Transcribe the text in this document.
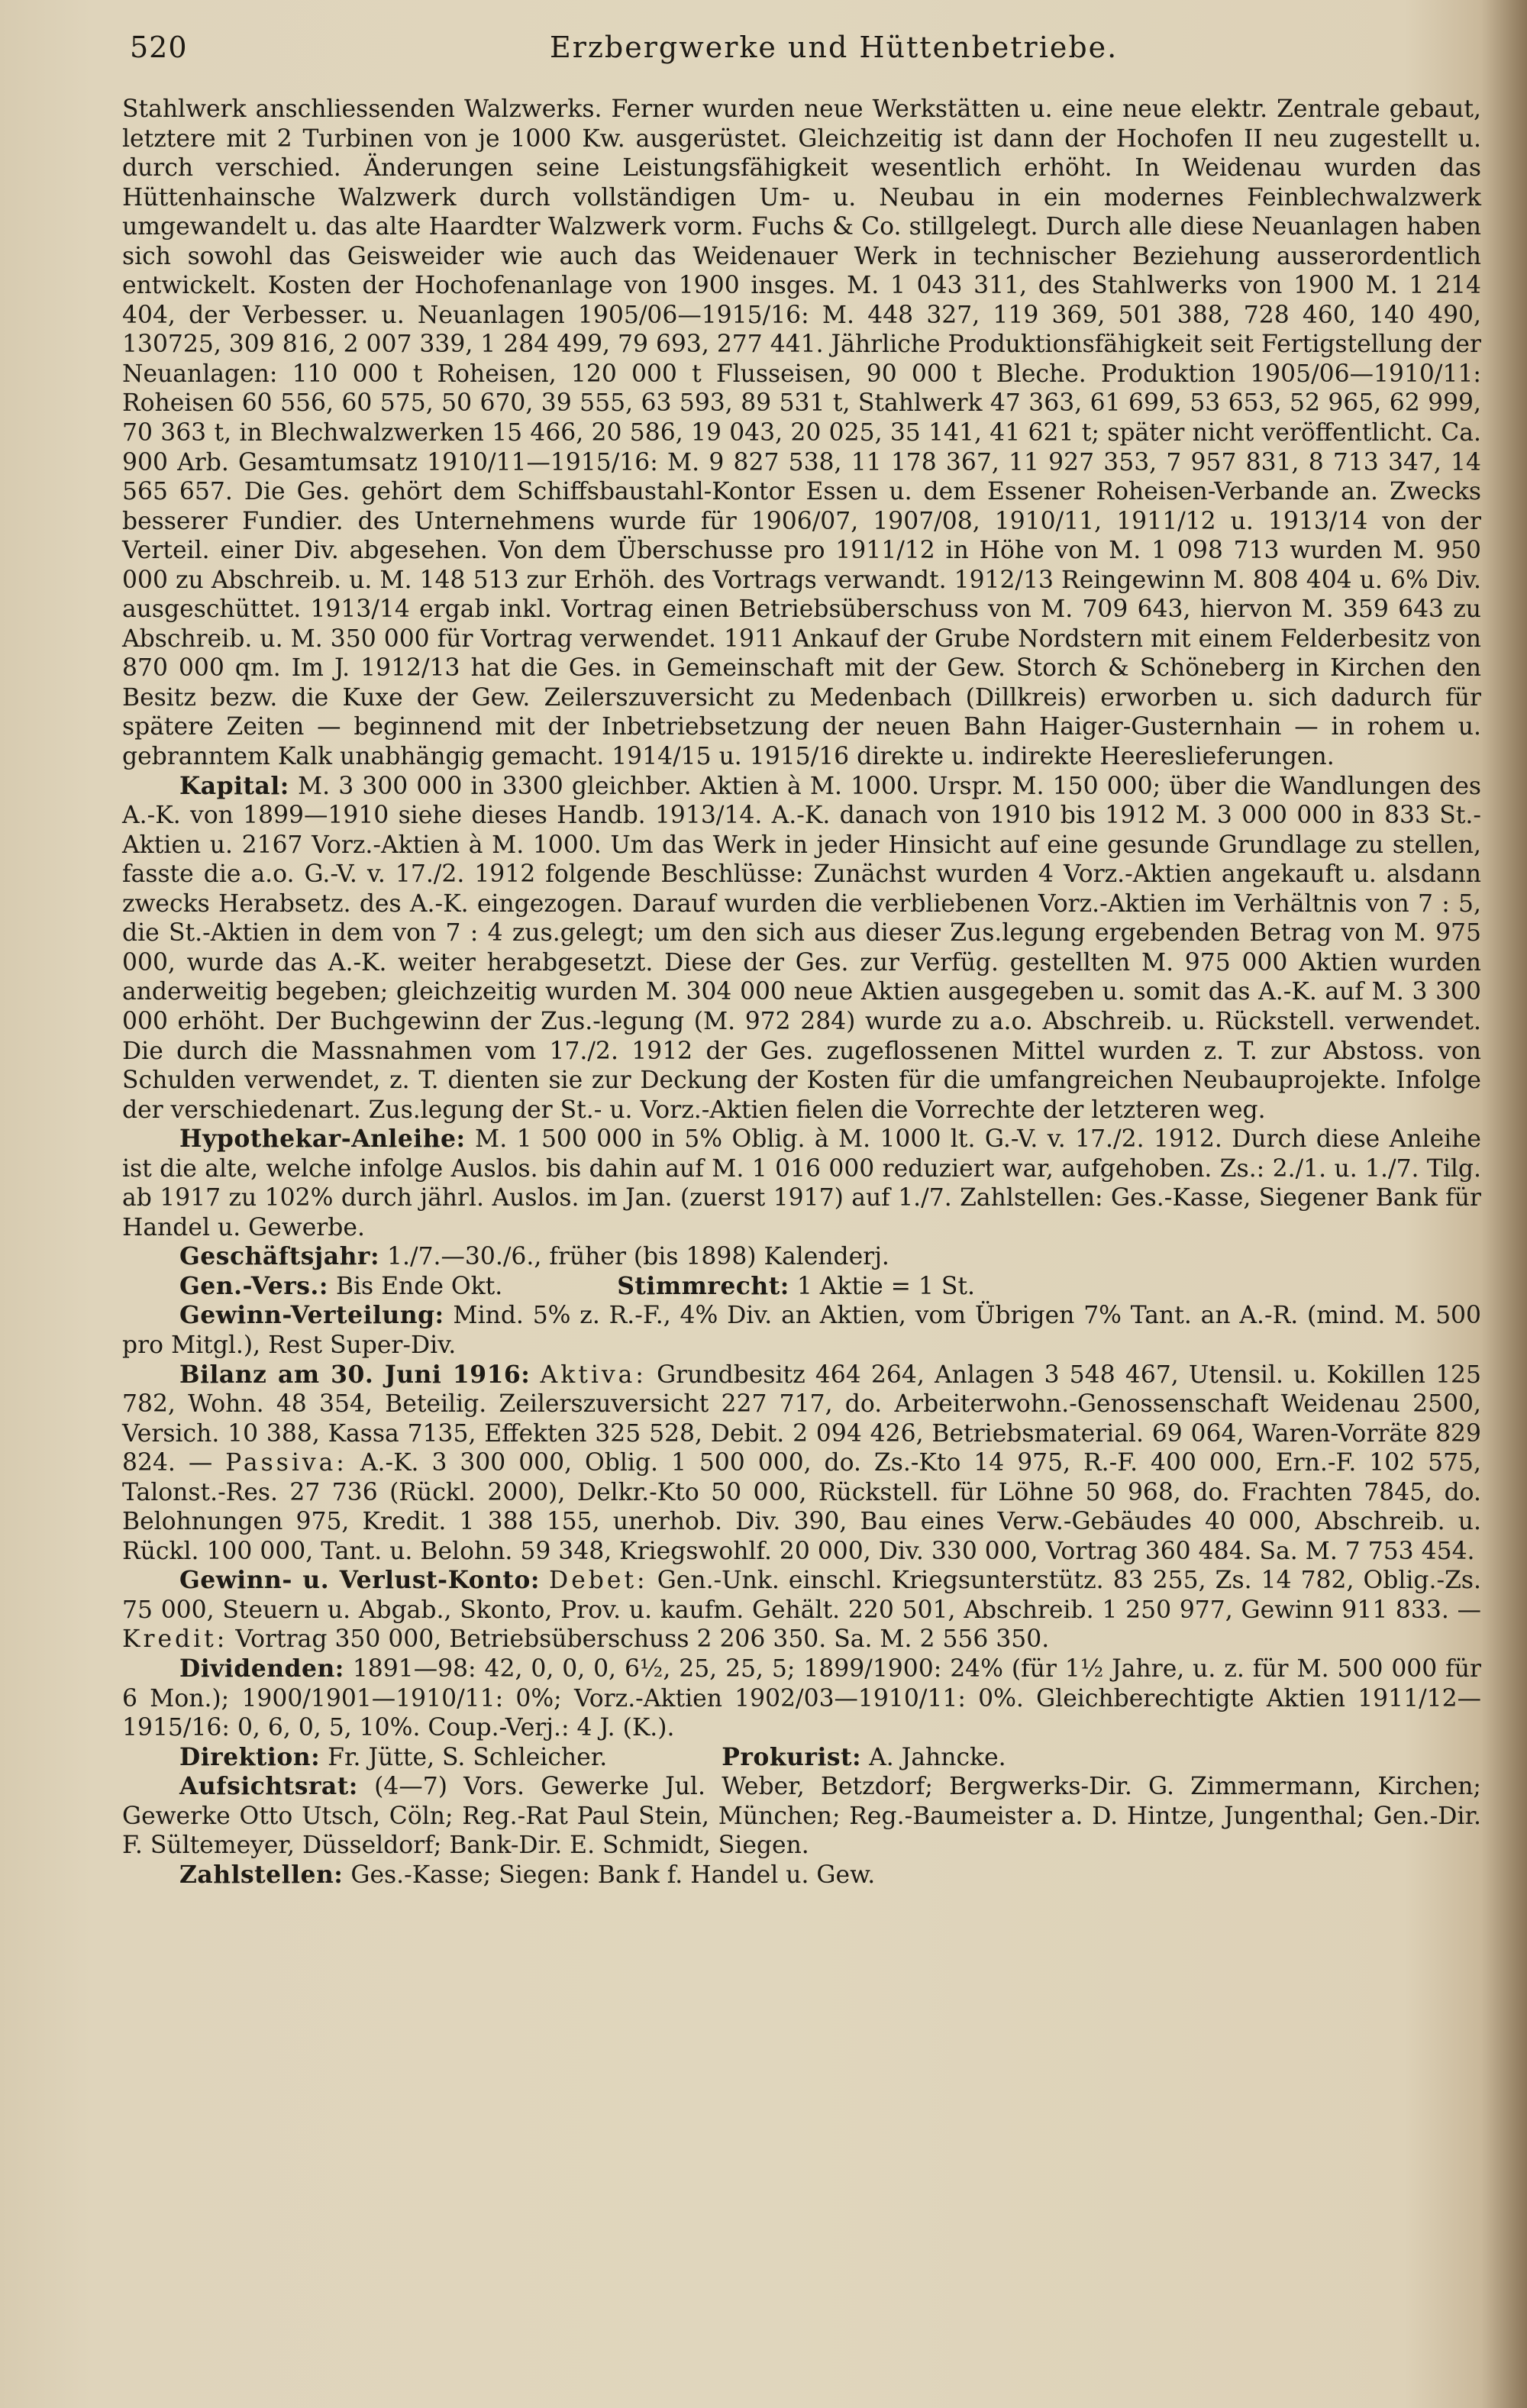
520	Erzbergwerke und Hüttenbetriebe.

Stahlwerk anschliessenden Walzwerks. Ferner wurden neue Werkstätten u. eine neue elektr. Zentrale gebaut, letztere mit 2 Turbinen von je 1000 Kw. ausgerüstet. Gleichzeitig ist dann der Hochofen II neu zugestellt u. durch verschied. Änderungen seine Leistungsfähigkeit wesentlich erhöht. In Weidenau wurden das Hüttenhainsche Walzwerk durch vollständigen Um- u. Neubau in ein modernes Feinblechwalzwerk umgewandelt u. das alte Haardter Walzwerk vorm. Fuchs & Co. stillgelegt. Durch alle diese Neuanlagen haben sich sowohl das Geisweider wie auch das Weidenauer Werk in technischer Beziehung ausserordentlich entwickelt. Kosten der Hochofenanlage von 1900 insges. M. 1 043 311, des Stahlwerks von 1900 M. 1 214 404, der Verbesser. u. Neuanlagen 1905/06—1915/16: M. 448 327, 119 369, 501 388, 728 460, 140 490, 130725, 309 816, 2 007 339, 1 284 499, 79 693, 277 441. Jährliche Produktionsfähigkeit seit Fertigstellung der Neuanlagen: 110 000 t Roheisen, 120 000 t Flusseisen, 90 000 t Bleche. Produktion 1905/06—1910/11: Roheisen 60 556, 60 575, 50 670, 39 555, 63 593, 89 531 t, Stahlwerk 47 363, 61 699, 53 653, 52 965, 62 999, 70 363 t, in Blechwalzwerken 15 466, 20 586, 19 043, 20 025, 35 141, 41 621 t; später nicht veröffentlicht. Ca. 900 Arb. Gesamtumsatz 1910/11—1915/16: M. 9 827 538, 11 178 367, 11 927 353, 7 957 831, 8 713 347, 14 565 657. Die Ges. gehört dem Schiffsbaustahl-Kontor Essen u. dem Essener Roheisen-Verbande an. Zwecks besserer Fundier. des Unternehmens wurde für 1906/07, 1907/08, 1910/11, 1911/12 u. 1913/14 von der Verteil. einer Div. abgesehen. Von dem Überschusse pro 1911/12 in Höhe von M. 1 098 713 wurden M. 950 000 zu Abschreib. u. M. 148 513 zur Erhöh. des Vortrags verwandt. 1912/13 Reingewinn M. 808 404 u. 6% Div. ausgeschüttet. 1913/14 ergab inkl. Vortrag einen Betriebsüberschuss von M. 709 643, hiervon M. 359 643 zu Abschreib. u. M. 350 000 für Vortrag verwendet. 1911 Ankauf der Grube Nordstern mit einem Felderbesitz von 870 000 qm. Im J. 1912/13 hat die Ges. in Gemeinschaft mit der Gew. Storch & Schöneberg in Kirchen den Besitz bezw. die Kuxe der Gew. Zeilerszuversicht zu Medenbach (Dillkreis) erworben u. sich dadurch für spätere Zeiten — beginnend mit der Inbetriebsetzung der neuen Bahn Haiger-Gusternhain — in rohem u. gebranntem Kalk unabhängig gemacht. 1914/15 u. 1915/16 direkte u. indirekte Heereslieferungen.

Kapital: M. 3 300 000 in 3300 gleichber. Aktien à M. 1000. Urspr. M. 150 000; über die Wandlungen des A.-K. von 1899—1910 siehe dieses Handb. 1913/14. A.-K. danach von 1910 bis 1912 M. 3 000 000 in 833 St.-Aktien u. 2167 Vorz.-Aktien à M. 1000. Um das Werk in jeder Hinsicht auf eine gesunde Grundlage zu stellen, fasste die a.o. G.-V. v. 17./2. 1912 folgende Beschlüsse: Zunächst wurden 4 Vorz.-Aktien angekauft u. alsdann zwecks Herabsetz. des A.-K. eingezogen. Darauf wurden die verbliebenen Vorz.-Aktien im Verhältnis von 7 : 5, die St.-Aktien in dem von 7 : 4 zus.gelegt; um den sich aus dieser Zus.legung ergebenden Betrag von M. 975 000, wurde das A.-K. weiter herabgesetzt. Diese der Ges. zur Verfüg. gestellten M. 975 000 Aktien wurden anderweitig begeben; gleichzeitig wurden M. 304 000 neue Aktien ausgegeben u. somit das A.-K. auf M. 3 300 000 erhöht. Der Buchgewinn der Zus.-legung (M. 972 284) wurde zu a.o. Abschreib. u. Rückstell. verwendet. Die durch die Massnahmen vom 17./2. 1912 der Ges. zugeflossenen Mittel wurden z. T. zur Abstoss. von Schulden verwendet, z. T. dienten sie zur Deckung der Kosten für die umfangreichen Neubauprojekte. Infolge der verschiedenart. Zus.legung der St.- u. Vorz.-Aktien fielen die Vorrechte der letzteren weg.

Hypothekar-Anleihe: M. 1 500 000 in 5% Oblig. à M. 1000 lt. G.-V. v. 17./2. 1912. Durch diese Anleihe ist die alte, welche infolge Auslos. bis dahin auf M. 1 016 000 reduziert war, aufgehoben. Zs.: 2./1. u. 1./7. Tilg. ab 1917 zu 102% durch jährl. Auslos. im Jan. (zuerst 1917) auf 1./7. Zahlstellen: Ges.-Kasse, Siegener Bank für Handel u. Gewerbe.

Geschäftsjahr: 1./7.—30./6., früher (bis 1898) Kalenderj.

Gen.-Vers.: Bis Ende Okt.	Stimmrecht: 1 Aktie = 1 St.

Gewinn-Verteilung: Mind. 5% z. R.-F., 4% Div. an Aktien, vom Übrigen 7% Tant. an A.-R. (mind. M. 500 pro Mitgl.), Rest Super-Div.

Bilanz am 30. Juni 1916: Aktiva: Grundbesitz 464 264, Anlagen 3 548 467, Utensil. u. Kokillen 125 782, Wohn. 48 354, Beteilig. Zeilerszuversicht 227 717, do. Arbeiterwohn.-Genossenschaft Weidenau 2500, Versich. 10 388, Kassa 7135, Effekten 325 528, Debit. 2 094 426, Betriebsmaterial. 69 064, Waren-Vorräte 829 824. — Passiva: A.-K. 3 300 000, Oblig. 1 500 000, do. Zs.-Kto 14 975, R.-F. 400 000, Ern.-F. 102 575, Talonst.-Res. 27 736 (Rückl. 2000), Delkr.-Kto 50 000, Rückstell. für Löhne 50 968, do. Frachten 7845, do. Belohnungen 975, Kredit. 1 388 155, unerhob. Div. 390, Bau eines Verw.-Gebäudes 40 000, Abschreib. u. Rückl. 100 000, Tant. u. Belohn. 59 348, Kriegswohlf. 20 000, Div. 330 000, Vortrag 360 484. Sa. M. 7 753 454.

Gewinn- u. Verlust-Konto: Debet: Gen.-Unk. einschl. Kriegsunterstütz. 83 255, Zs. 14 782, Oblig.-Zs. 75 000, Steuern u. Abgab., Skonto, Prov. u. kaufm. Gehält. 220 501, Abschreib. 1 250 977, Gewinn 911 833. — Kredit: Vortrag 350 000, Betriebsüberschuss 2 206 350. Sa. M. 2 556 350.

Dividenden: 1891—98: 42, 0, 0, 0, 6½, 25, 25, 5; 1899/1900: 24% (für 1½ Jahre, u. z. für M. 500 000 für 6 Mon.); 1900/1901—1910/11: 0%; Vorz.-Aktien 1902/03—1910/11: 0%. Gleichberechtigte Aktien 1911/12—1915/16: 0, 6, 0, 5, 10%. Coup.-Verj.: 4 J. (K.).

Direktion: Fr. Jütte, S. Schleicher.	Prokurist: A. Jahncke.

Aufsichtsrat: (4—7) Vors. Gewerke Jul. Weber, Betzdorf; Bergwerks-Dir. G. Zimmermann, Kirchen; Gewerke Otto Utsch, Cöln; Reg.-Rat Paul Stein, München; Reg.-Baumeister a. D. Hintze, Jungenthal; Gen.-Dir. F. Sültemeyer, Düsseldorf; Bank-Dir. E. Schmidt, Siegen.

Zahlstellen: Ges.-Kasse; Siegen: Bank f. Handel u. Gew.
